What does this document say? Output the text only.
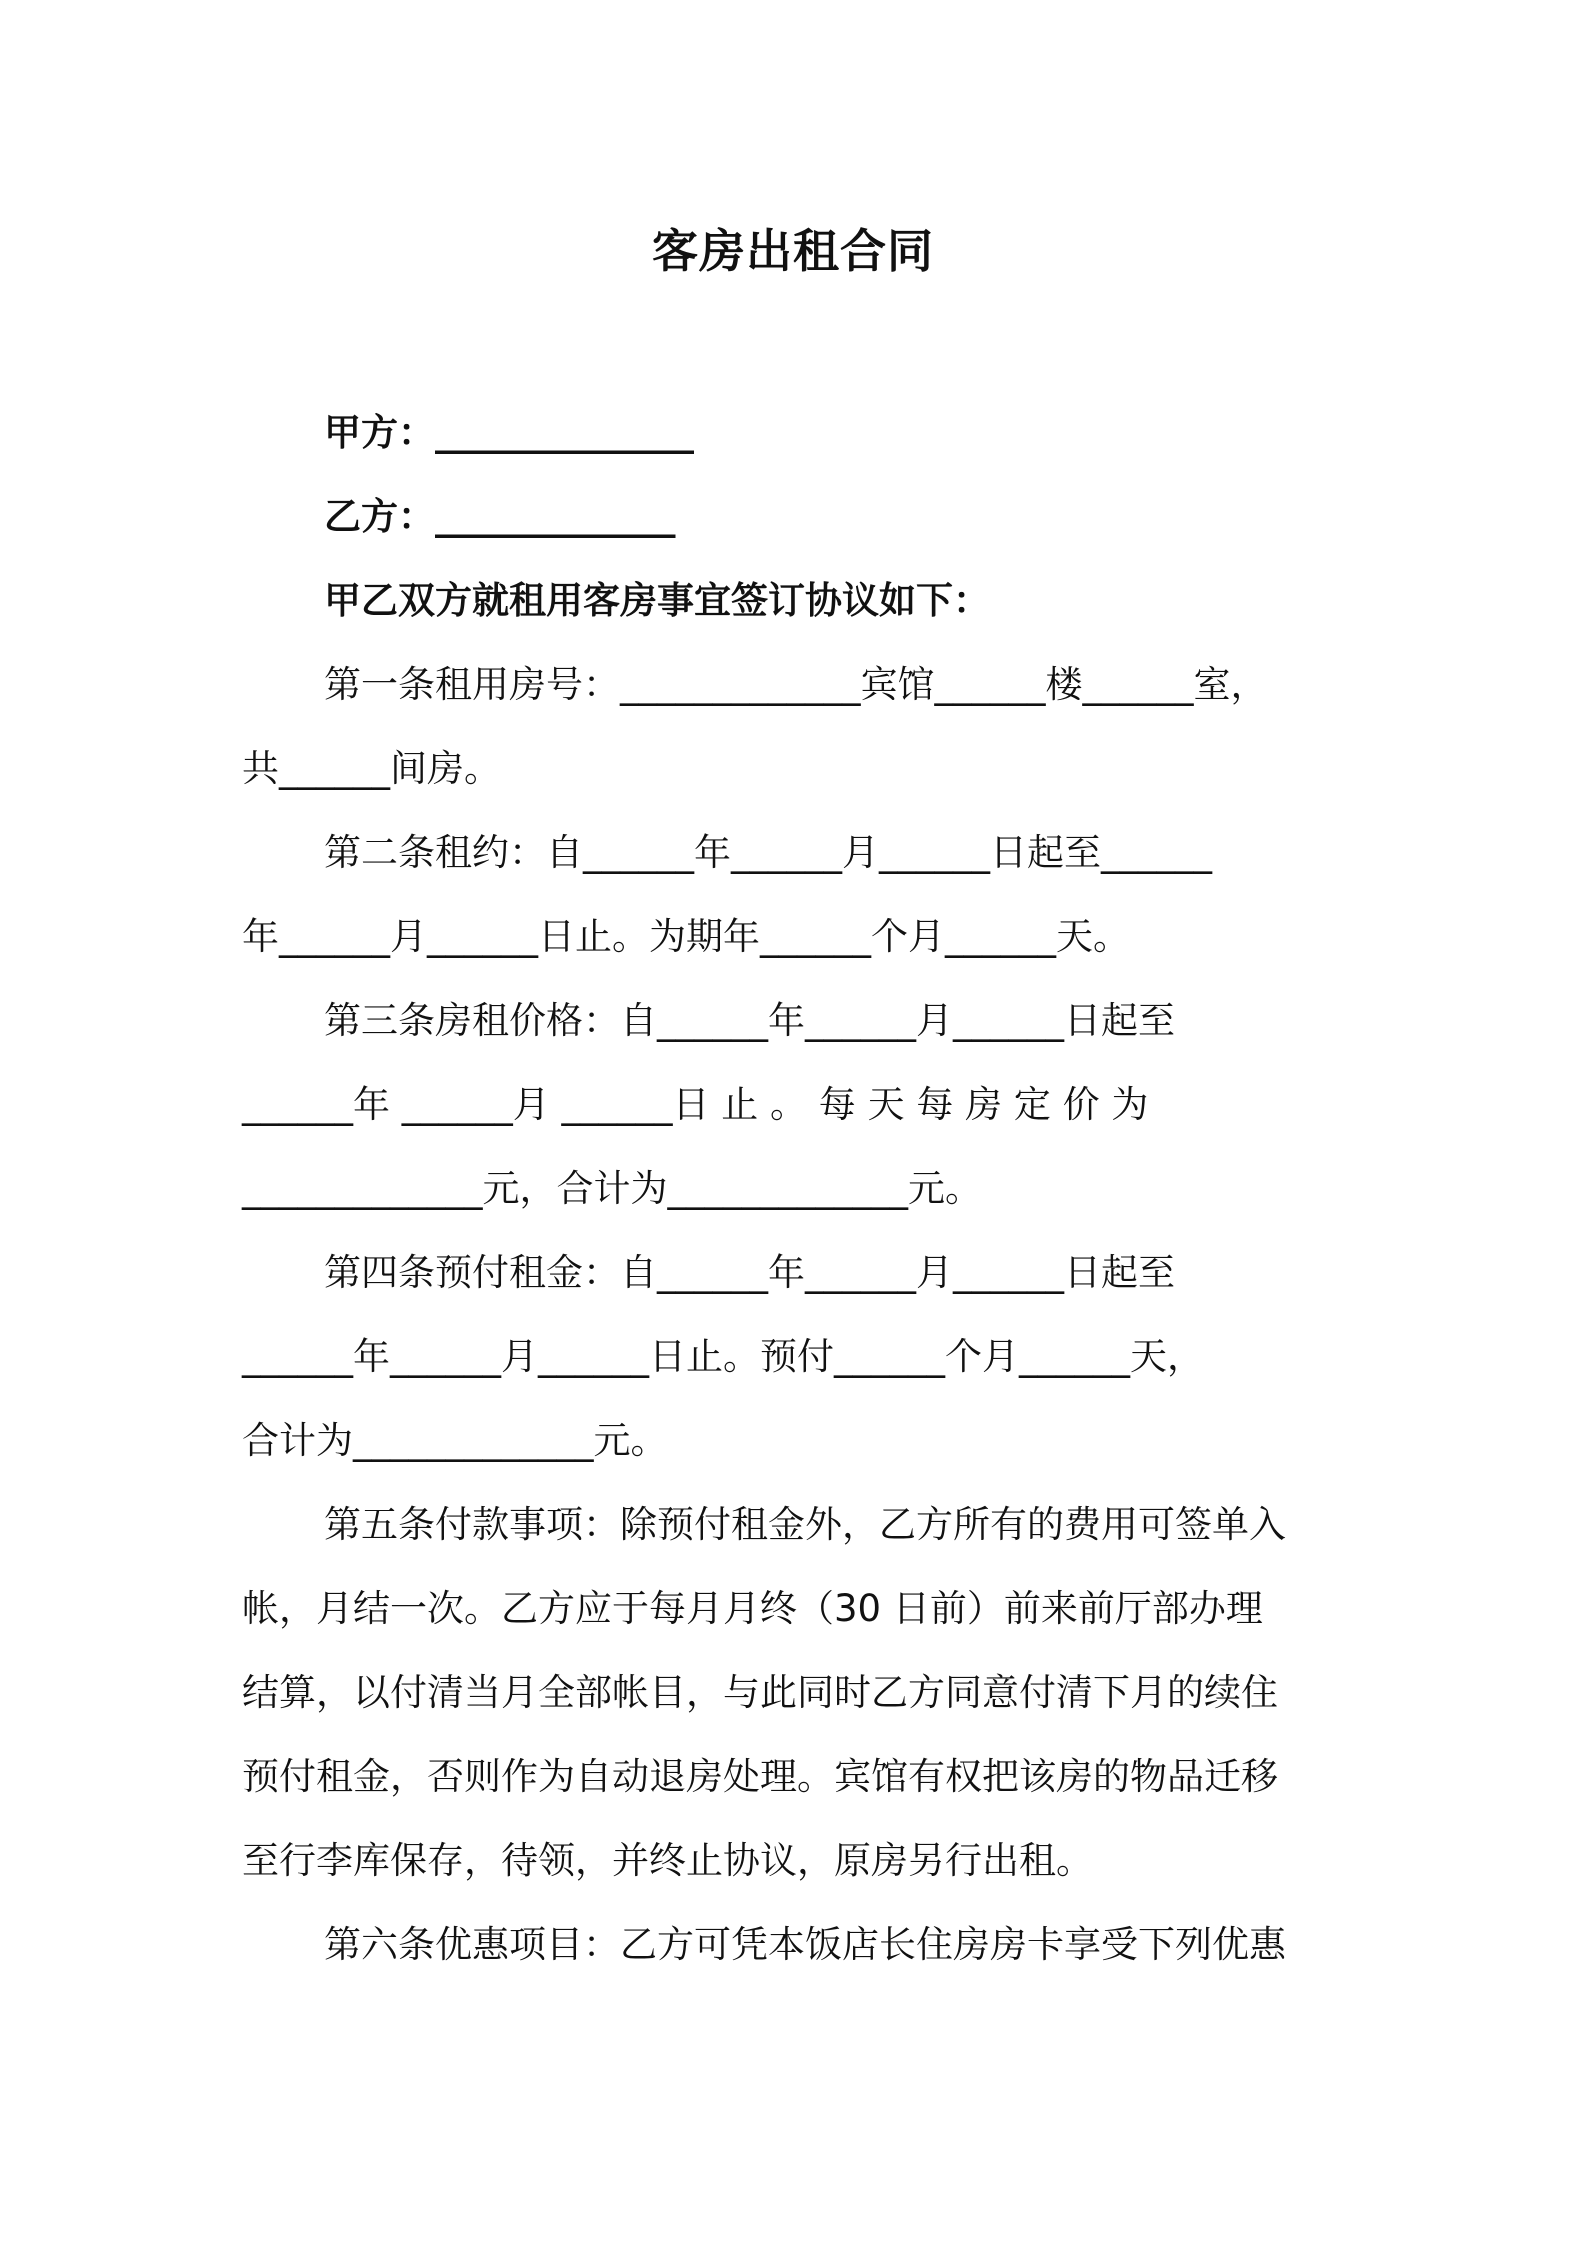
客房出租合同

甲方：______________

乙方：_____________

甲乙双方就租用客房事宜签订协议如下：

第一条租用房号：_____________宾馆______楼______室，

共______间房。

第二条租约：自______年______月______日起至______

年______月______日止。为期年______个月______天。

第三条房租价格：自______年______月______日起至

______年 ______月 ______日 止 。 每 天 每 房 定 价 为

_____________元，合计为_____________元。

第四条预付租金：自______年______月______日起至

______年______月______日止。预付______个月______天，

合计为_____________元。

第五条付款事项：除预付租金外，乙方所有的费用可签单入

帐，月结一次。乙方应于每月月终（30 日前）前来前厅部办理

结算，以付清当月全部帐目，与此同时乙方同意付清下月的续住

预付租金，否则作为自动退房处理。宾馆有权把该房的物品迁移

至行李库保存，待领，并终止协议，原房另行出租。

第六条优惠项目：乙方可凭本饭店长住房房卡享受下列优惠
